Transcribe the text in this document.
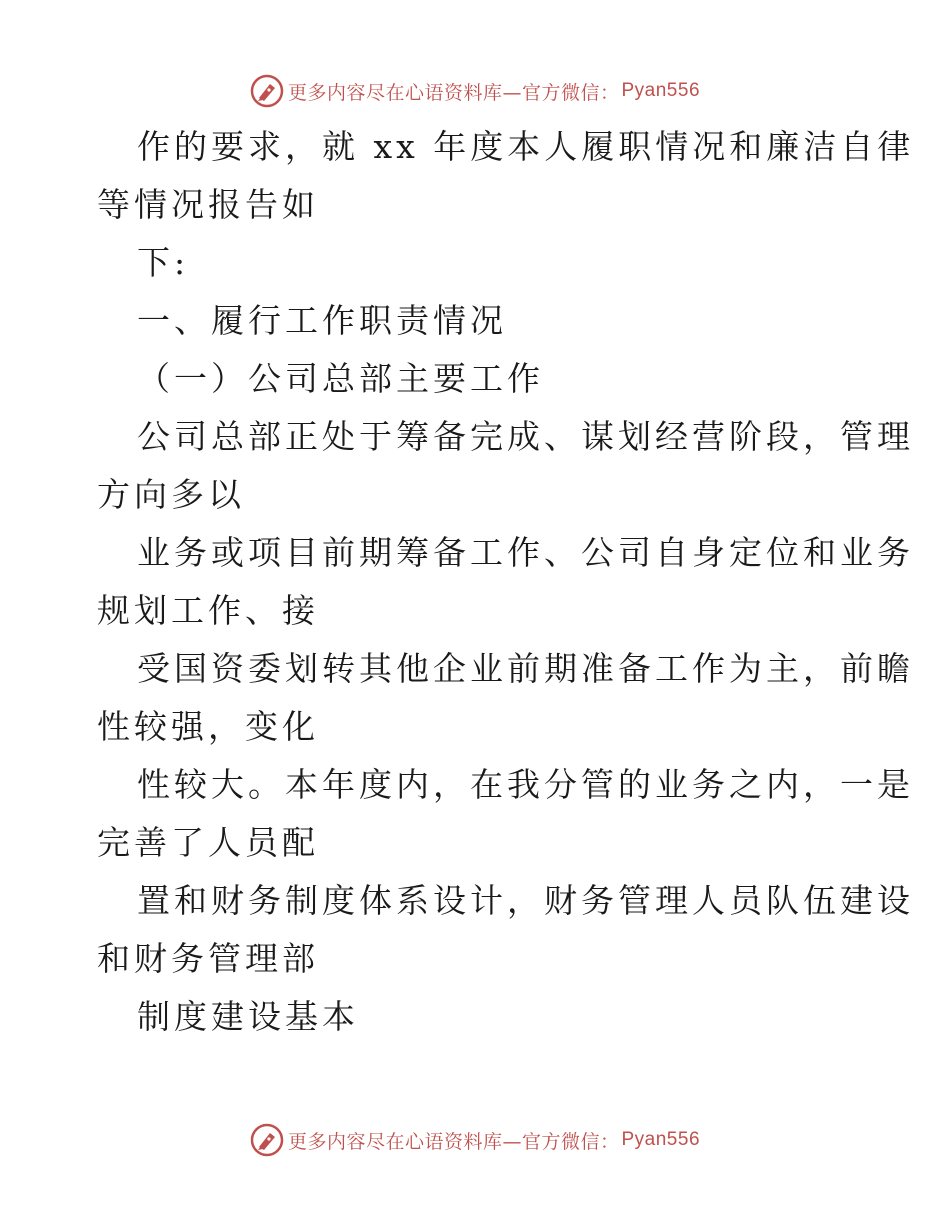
更多内容尽在心语资料库—官方微信： Pyan556
作的要求，就 xx 年度本人履职情况和廉洁自律
等情况报告如
下:
一、履行工作职责情况
（一）公司总部主要工作
公司总部正处于筹备完成、谋划经营阶段，管理
方向多以
业务或项目前期筹备工作、公司自身定位和业务
规划工作、接
受国资委划转其他企业前期准备工作为主，前瞻
性较强，变化
性较大。本年度内，在我分管的业务之内，一是
完善了人员配
置和财务制度体系设计，财务管理人员队伍建设
和财务管理部
制度建设基本
更多内容尽在心语资料库—官方微信： Pyan556
